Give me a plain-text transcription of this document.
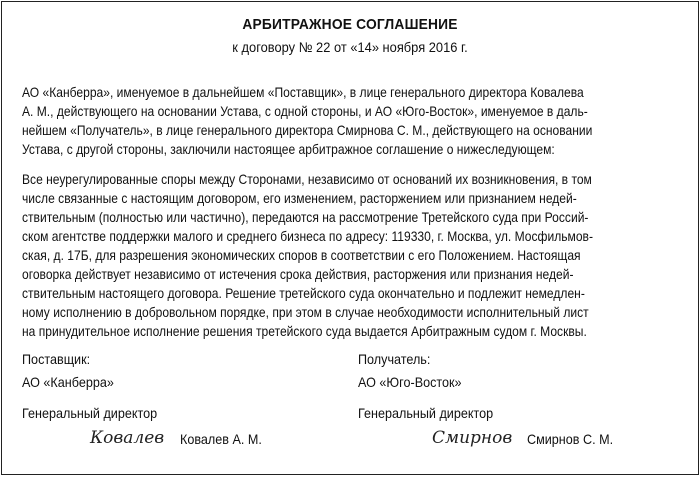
АРБИТРАЖНОЕ СОГЛАШЕНИЕ
к договору № 22 от «14» ноября 2016 г.

АО «Канберра», именуемое в дальнейшем «Поставщик», в лице генерального директора Ковалева
А. М., действующего на основании Устава, с одной стороны, и АО «Юго-Восток», именуемое в даль-
нейшем «Получатель», в лице генерального директора Смирнова С. М., действующего на основании
Устава, с другой стороны, заключили настоящее арбитражное соглашение о нижеследующем:

Все неурегулированные споры между Сторонами, независимо от оснований их возникновения, в том
числе связанные с настоящим договором, его изменением, расторжением или признанием недей-
ствительным (полностью или частично), передаются на рассмотрение Третейского суда при Россий-
ском агентстве поддержки малого и среднего бизнеса по адресу: 119330, г. Москва, ул. Мосфильмов-
ская, д. 17Б, для разрешения экономических споров в соответствии с его Положением. Настоящая
оговорка действует независимо от истечения срока действия, расторжения или признания недей-
ствительным настоящего договора. Решение третейского суда окончательно и подлежит немедлен-
ному исполнению в добровольном порядке, при этом в случае необходимости исполнительный лист
на принудительное исполнение решения третейского суда выдается Арбитражным судом г. Москвы.

Поставщик:
АО «Канберра»
Генеральный директор
Ковалев Ковалев А. М.
Получатель:
АО «Юго-Восток»
Генеральный директор
Смирнов Смирнов С. М.
